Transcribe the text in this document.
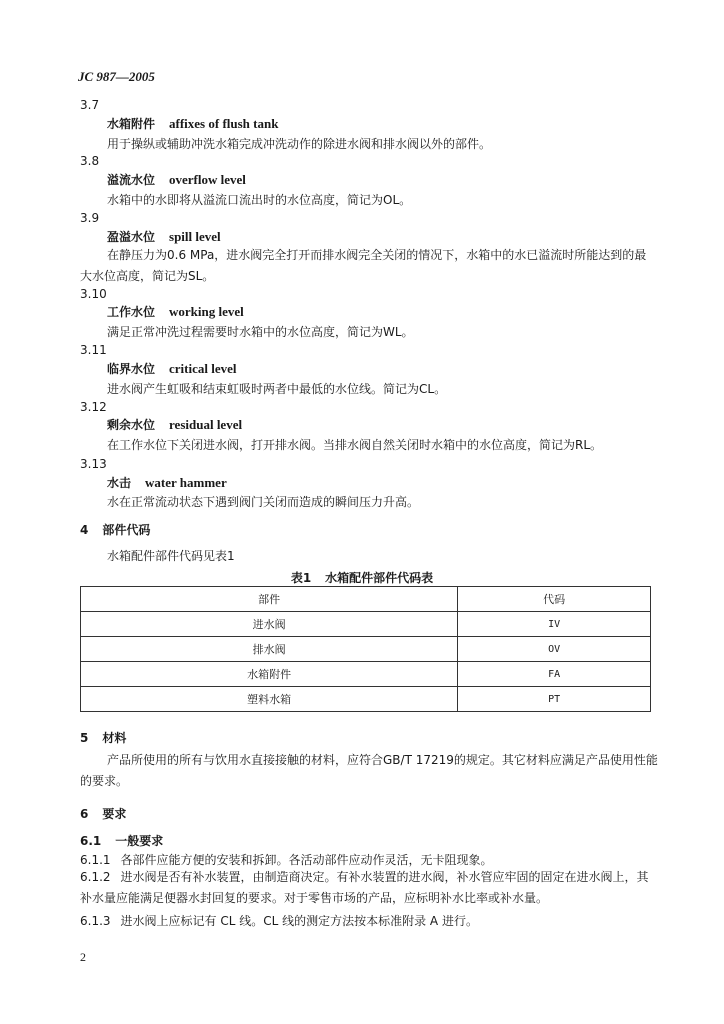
JC 987—2005
3.7
水箱附件 affixes of flush tank
用于操纵或辅助冲洗水箱完成冲洗动作的除进水阀和排水阀以外的部件。
3.8
溢流水位 overflow level
水箱中的水即将从溢流口流出时的水位高度，简记为OL。
3.9
盈溢水位 spill level
在静压力为0.6 MPa，进水阀完全打开而排水阀完全关闭的情况下，水箱中的水已溢流时所能达到的最大水位高度，简记为SL。
3.10
工作水位 working level
满足正常冲洗过程需要时水箱中的水位高度，简记为WL。
3.11
临界水位 critical level
进水阀产生虹吸和结束虹吸时两者中最低的水位线。简记为CL。
3.12
剩余水位 residual level
在工作水位下关闭进水阀，打开排水阀。当排水阀自然关闭时水箱中的水位高度，简记为RL。
3.13
水击 water hammer
水在正常流动状态下遇到阀门关闭而造成的瞬间压力升高。
4 部件代码
水箱配件部件代码见表1
表1 水箱配件部件代码表
部件	代码
进水阀	IV
排水阀	OV
水箱附件	FA
塑料水箱	PT
5 材料
产品所使用的所有与饮用水直接接触的材料，应符合GB/T 17219的规定。其它材料应满足产品使用性能的要求。
6 要求
6.1 一般要求
6.1.1 各部件应能方便的安装和拆卸。各活动部件应动作灵活，无卡阻现象。
6.1.2 进水阀是否有补水装置，由制造商决定。有补水装置的进水阀，补水管应牢固的固定在进水阀上，其补水量应能满足便器水封回复的要求。对于零售市场的产品，应标明补水比率或补水量。
6.1.3 进水阀上应标记有 CL 线。CL 线的测定方法按本标准附录 A 进行。
2
